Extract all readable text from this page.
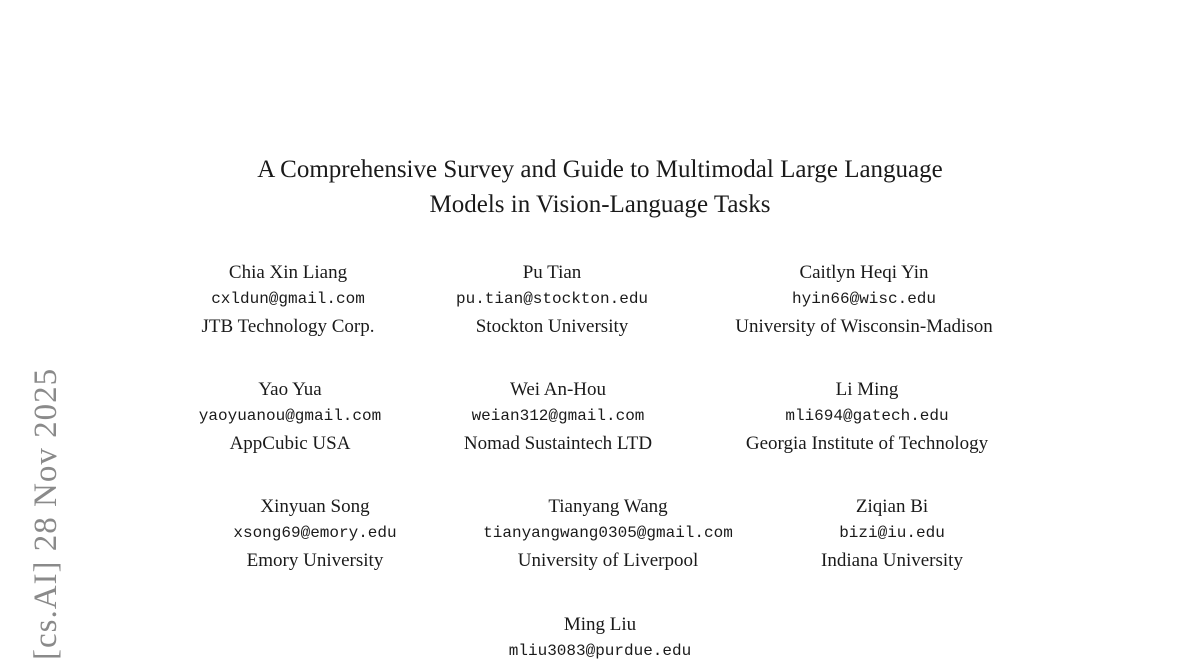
[cs.AI] 28 Nov 2025
A Comprehensive Survey and Guide to Multimodal Large Language
Models in Vision-Language Tasks
Chia Xin Liang
cxldun@gmail.com
JTB Technology Corp.
Pu Tian
pu.tian@stockton.edu
Stockton University
Caitlyn Heqi Yin
hyin66@wisc.edu
University of Wisconsin-Madison
Yao Yua
yaoyuanou@gmail.com
AppCubic USA
Wei An-Hou
weian312@gmail.com
Nomad Sustaintech LTD
Li Ming
mli694@gatech.edu
Georgia Institute of Technology
Xinyuan Song
xsong69@emory.edu
Emory University
Tianyang Wang
tianyangwang0305@gmail.com
University of Liverpool
Ziqian Bi
bizi@iu.edu
Indiana University
Ming Liu
mliu3083@purdue.edu
